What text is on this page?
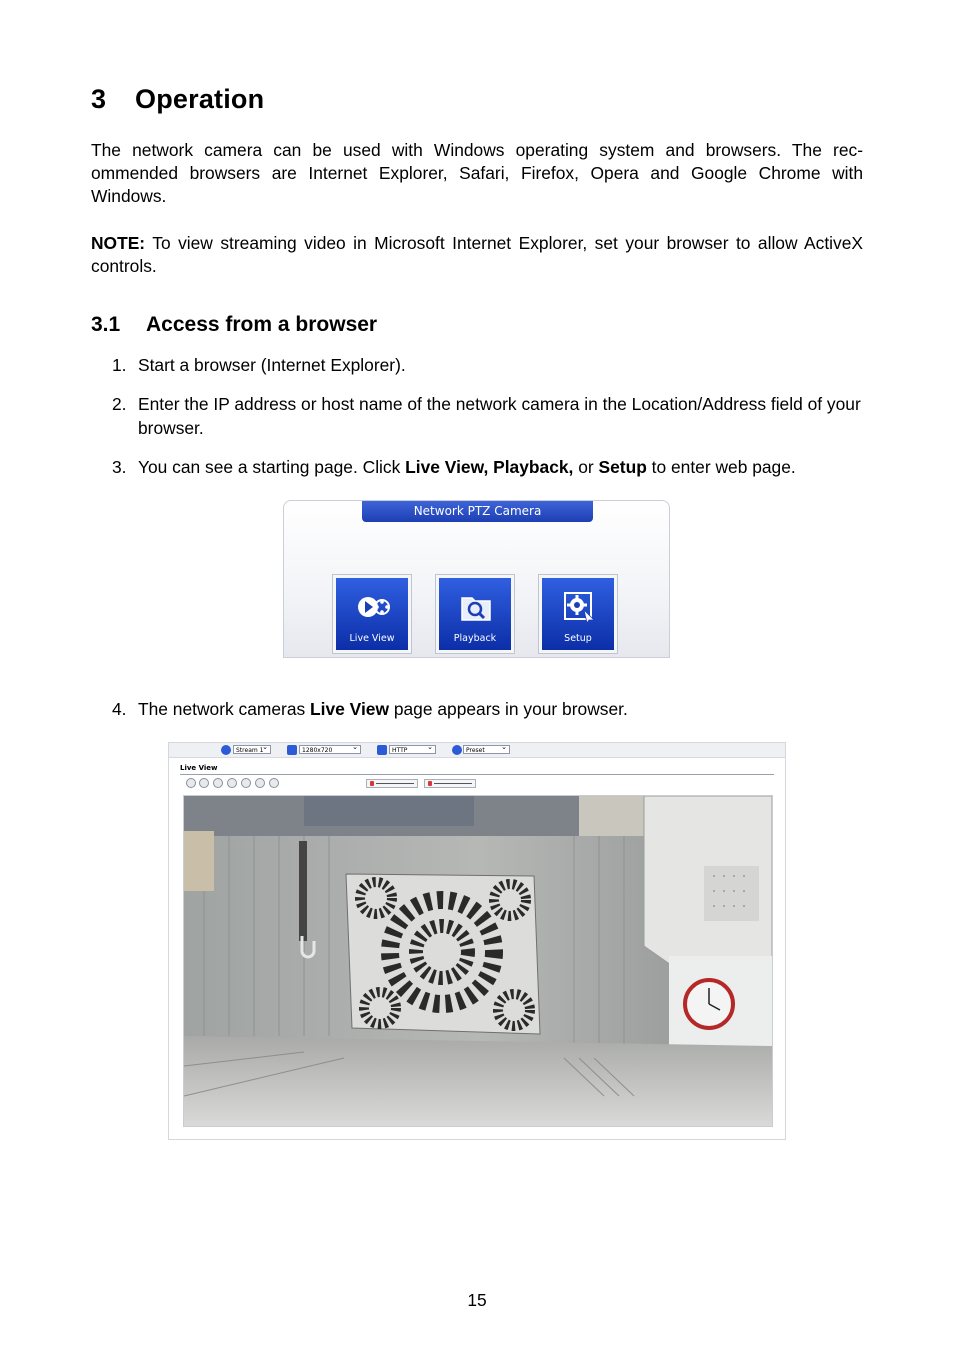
3 Operation

The network camera can be used with Windows operating system and browsers. The rec-ommended browsers are Internet Explorer, Safari, Firefox, Opera and Google Chrome with Windows.

NOTE: To view streaming video in Microsoft Internet Explorer, set your browser to allow ActiveX controls.

3.1 Access from a browser
1. Start a browser (Internet Explorer).
2. Enter the IP address or host name of the network camera in the Location/Address field of your browser.
3. You can see a starting page. Click Live View, Playback, or Setup to enter web page.
Network PTZ Camera
Live View	Playback	Setup
4. The network cameras Live View page appears in your browser.
Stream 1 ⌄	1280x720 ⌄	HTTP ⌄	Preset ⌄
Live View
15
